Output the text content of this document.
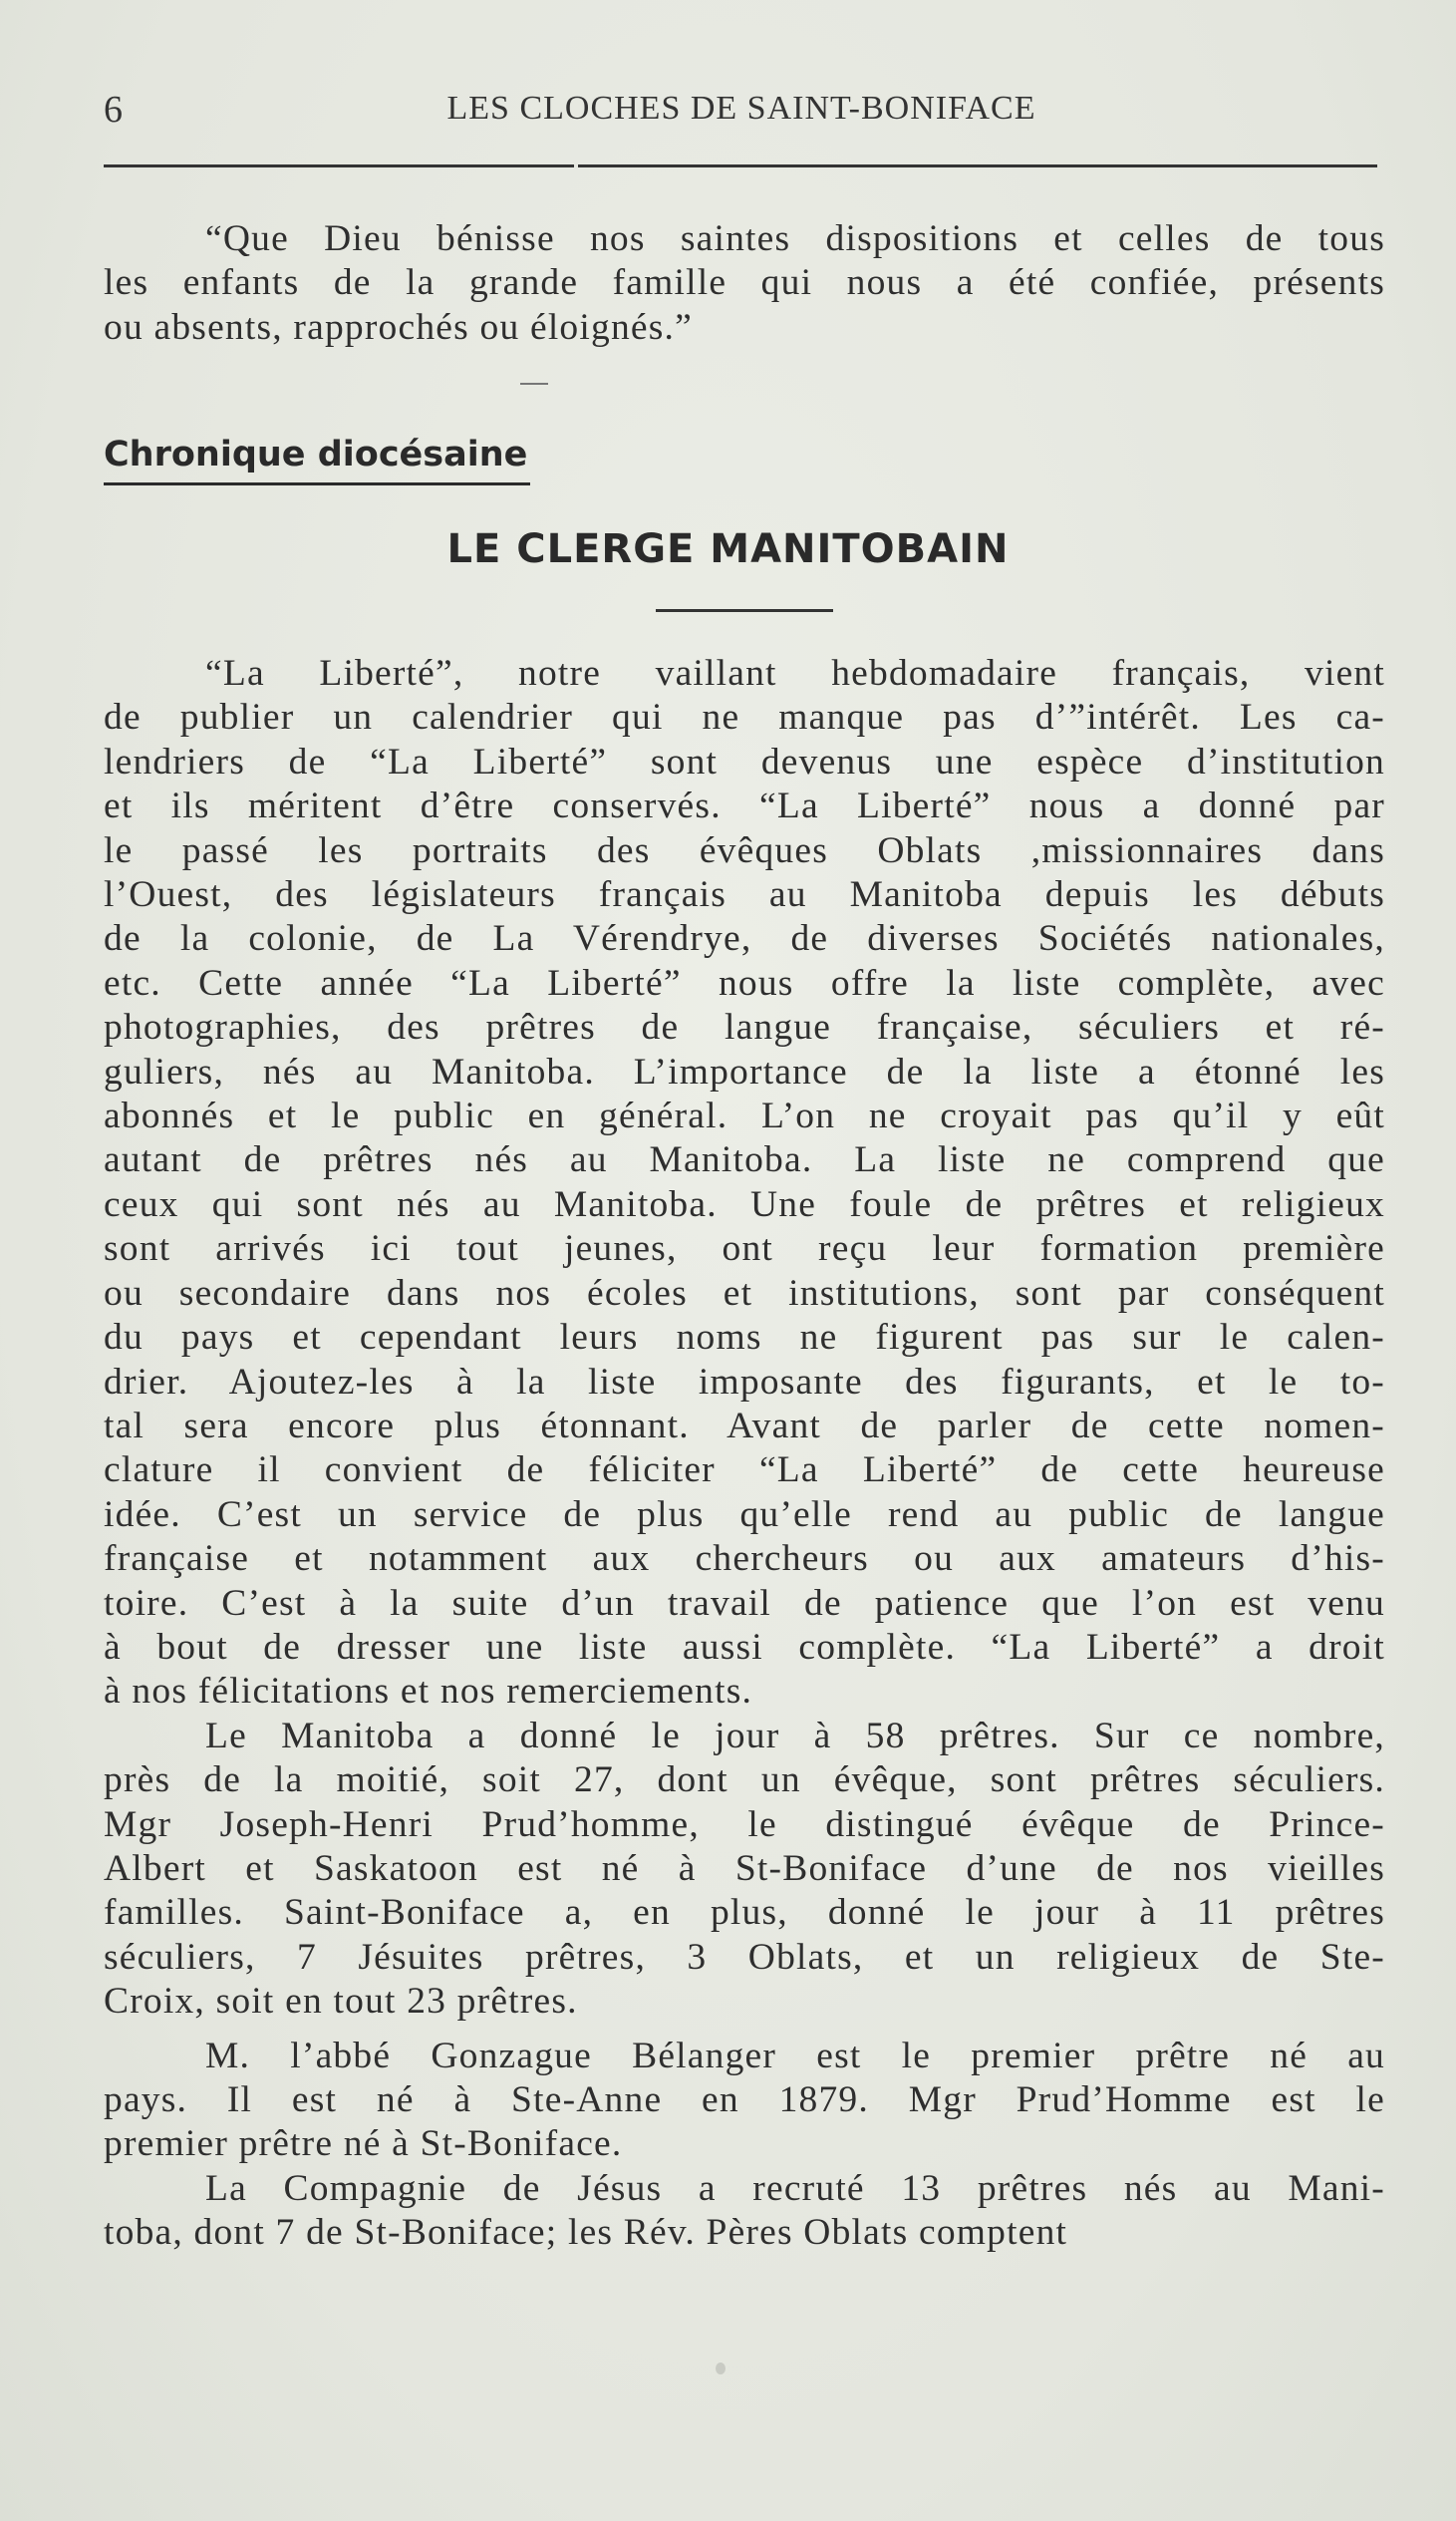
6	LES CLOCHES DE SAINT-BONIFACE
“Que Dieu bénisse nos saintes dispositions et celles de tous
les enfants de la grande famille qui nous a été confiée, présents
ou absents, rapprochés ou éloignés.”
Chronique diocésaine
LE CLERGE MANITOBAIN
“La Liberté”, notre vaillant hebdomadaire français, vient
de publier un calendrier qui ne manque pas d’”intérêt. Les ca-
lendriers de “La Liberté” sont devenus une espèce d’institution
et ils méritent d’être conservés. “La Liberté” nous a donné par
le passé les portraits des évêques Oblats ,missionnaires dans
l’Ouest, des législateurs français au Manitoba depuis les débuts
de la colonie, de La Vérendrye, de diverses Sociétés nationales,
etc. Cette année “La Liberté” nous offre la liste complète, avec
photographies, des prêtres de langue française, séculiers et ré-
guliers, nés au Manitoba. L’importance de la liste a étonné les
abonnés et le public en général. L’on ne croyait pas qu’il y eût
autant de prêtres nés au Manitoba. La liste ne comprend que
ceux qui sont nés au Manitoba. Une foule de prêtres et religieux
sont arrivés ici tout jeunes, ont reçu leur formation première
ou secondaire dans nos écoles et institutions, sont par conséquent
du pays et cependant leurs noms ne figurent pas sur le calen-
drier. Ajoutez-les à la liste imposante des figurants, et le to-
tal sera encore plus étonnant. Avant de parler de cette nomen-
clature il convient de féliciter “La Liberté” de cette heureuse
idée. C’est un service de plus qu’elle rend au public de langue
française et notamment aux chercheurs ou aux amateurs d’his-
toire. C’est à la suite d’un travail de patience que l’on est venu
à bout de dresser une liste aussi complète. “La Liberté” a droit
à nos félicitations et nos remerciements.
Le Manitoba a donné le jour à 58 prêtres. Sur ce nombre,
près de la moitié, soit 27, dont un évêque, sont prêtres séculiers.
Mgr Joseph-Henri Prud’homme, le distingué évêque de Prince-
Albert et Saskatoon est né à St-Boniface d’une de nos vieilles
familles. Saint-Boniface a, en plus, donné le jour à 11 prêtres
séculiers, 7 Jésuites prêtres, 3 Oblats, et un religieux de Ste-
Croix, soit en tout 23 prêtres.
M. l’abbé Gonzague Bélanger est le premier prêtre né au
pays. Il est né à Ste-Anne en 1879. Mgr Prud’Homme est le
premier prêtre né à St-Boniface.
La Compagnie de Jésus a recruté 13 prêtres nés au Mani-
toba, dont 7 de St-Boniface; les Rév. Pères Oblats comptent
